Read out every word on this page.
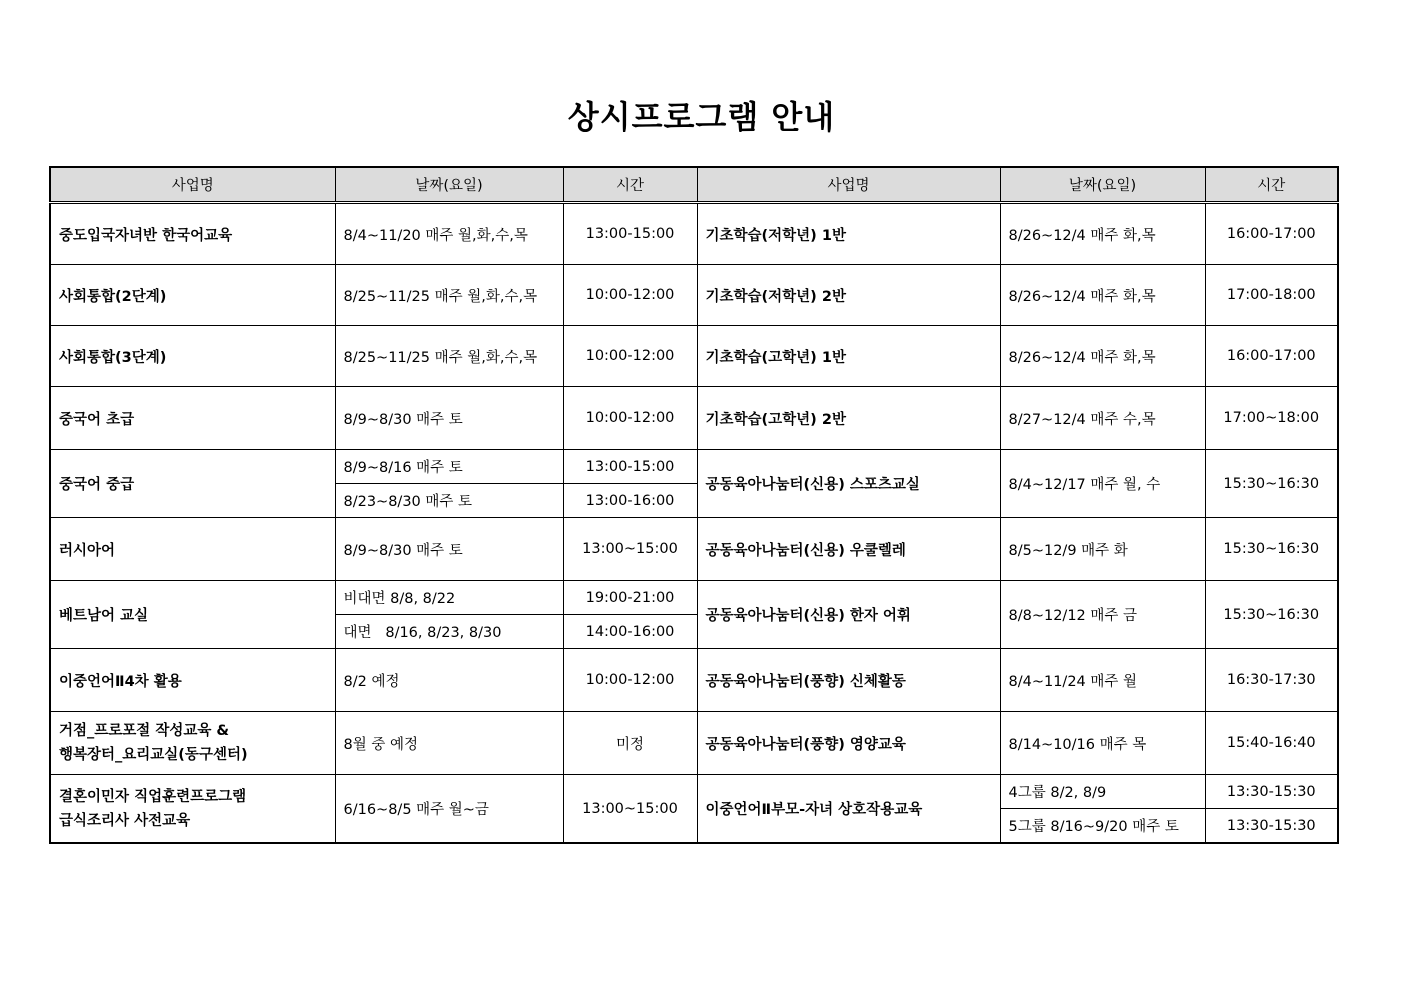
상시프로그램 안내
사업명	날짜(요일)	시간	사업명	날짜(요일)	시간
중도입국자녀반 한국어교육	8/4~11/20 매주 월,화,수,목	13:00-15:00	기초학습(저학년) 1반	8/26~12/4 매주 화,목	16:00-17:00
사회통합(2단계)	8/25~11/25 매주 월,화,수,목	10:00-12:00	기초학습(저학년) 2반	8/26~12/4 매주 화,목	17:00-18:00
사회통합(3단계)	8/25~11/25 매주 월,화,수,목	10:00-12:00	기초학습(고학년) 1반	8/26~12/4 매주 화,목	16:00-17:00
중국어 초급	8/9~8/30 매주 토	10:00-12:00	기초학습(고학년) 2반	8/27~12/4 매주 수,목	17:00~18:00
중국어 중급	8/9~8/16 매주 토	13:00-15:00	공동육아나눔터(신용) 스포츠교실	8/4~12/17 매주 월, 수	15:30~16:30
	8/23~8/30 매주 토	13:00-16:00			
러시아어	8/9~8/30 매주 토	13:00~15:00	공동육아나눔터(신용) 우쿨렐레	8/5~12/9 매주 화	15:30~16:30
베트남어 교실	비대면 8/8, 8/22	19:00-21:00	공동육아나눔터(신용) 한자 어휘	8/8~12/12 매주 금	15:30~16:30
	대면   8/16, 8/23, 8/30	14:00-16:00			
이중언어Ⅱ4차 활용	8/2 예정	10:00-12:00	공동육아나눔터(풍향) 신체활동	8/4~11/24 매주 월	16:30-17:30

거점_프로포절 작성교육 &
행복장터_요리교실(동구센터)	8월 중 예정	미정	공동육아나눔터(풍향) 영양교육	8/14~10/16 매주 목	15:40-16:40

결혼이민자 직업훈련프로그램
급식조리사 사전교육	6/16~8/5 매주 월~금	13:00~15:00	이중언어Ⅱ부모-자녀 상호작용교육	4그룹 8/2, 8/9	13:30-15:30
				5그룹 8/16~9/20 매주 토	13:30-15:30
